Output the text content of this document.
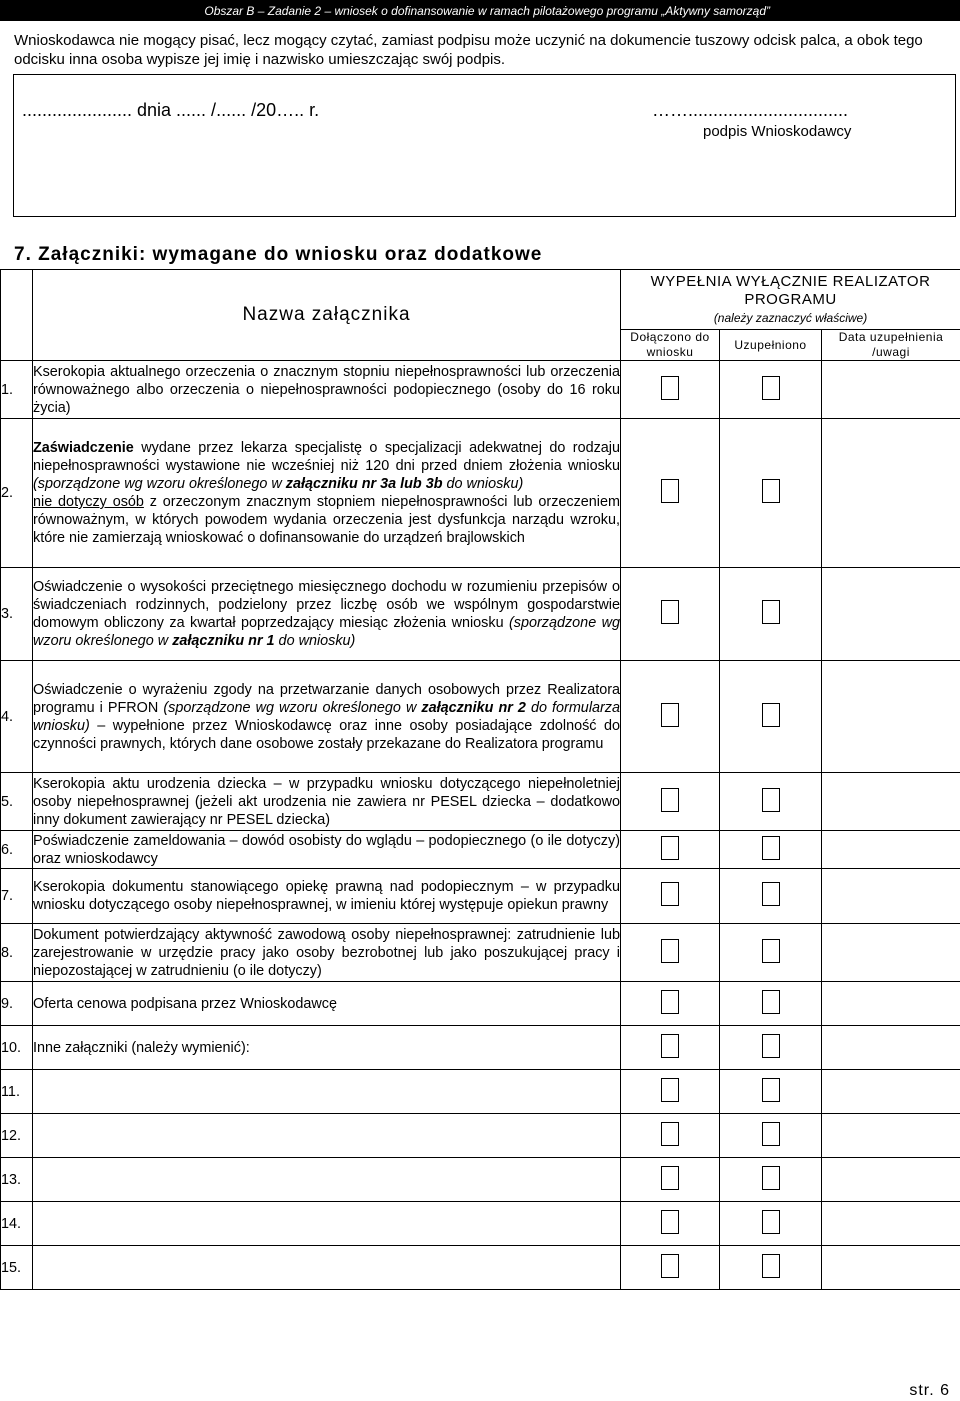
Obszar B – Zadanie 2 – wniosek o dofinansowanie w ramach pilotażowego programu „Aktywny samorząd”
Wnioskodawca nie mogący pisać, lecz mogący czytać, zamiast podpisu może uczynić na dokumencie tuszowy odcisk palca, a obok tego odcisku inna osoba wypisze jej imię i nazwisko umieszczając swój podpis.
...................... dnia ...... /...... /20….. r.	……................................
podpis Wnioskodawcy
7. Załączniki: wymagane do wniosku oraz dodatkowe
	Nazwa załącznika	WYPEŁNIA WYŁĄCZNIE REALIZATOR PROGRAMU
(należy zaznaczyć właściwe)		

		Dołączono do wniosku	Uzupełniono	Data uzupełnienia /uwagi
1.	Kserokopia aktualnego orzeczenia o znacznym stopniu niepełnosprawności lub orzeczenia równoważnego albo orzeczenia o niepełnosprawności podopiecznego (osoby do 16 roku życia)			
2.	Zaświadczenie wydane przez lekarza specjalistę o specjalizacji adekwatnej do rodzaju niepełnosprawności wystawione nie wcześniej niż 120 dni przed dniem złożenia wniosku (sporządzone wg wzoru określonego w załączniku nr 3a lub 3b do wniosku)
nie dotyczy osób z orzeczonym znacznym stopniem niepełnosprawności lub orzeczeniem równoważnym, w których powodem wydania orzeczenia jest dysfunkcja narządu wzroku, które nie zamierzają wnioskować o dofinansowanie do urządzeń brajlowskich			
3.	Oświadczenie o wysokości przeciętnego miesięcznego dochodu w rozumieniu przepisów o świadczeniach rodzinnych, podzielony przez liczbę osób we wspólnym gospodarstwie domowym obliczony za kwartał poprzedzający miesiąc złożenia wniosku (sporządzone wg wzoru określonego w załączniku nr 1 do wniosku)			
4.	Oświadczenie o wyrażeniu zgody na przetwarzanie danych osobowych przez Realizatora programu i PFRON (sporządzone wg wzoru określonego w załączniku nr 2 do formularza wniosku) – wypełnione przez Wnioskodawcę oraz inne osoby posiadające zdolność do czynności prawnych, których dane osobowe zostały przekazane do Realizatora programu			
5.	Kserokopia aktu urodzenia dziecka – w przypadku wniosku dotyczącego niepełnoletniej osoby niepełnosprawnej (jeżeli akt urodzenia nie zawiera nr PESEL dziecka – dodatkowo inny dokument zawierający nr PESEL dziecka)			
6.	Poświadczenie zameldowania – dowód osobisty do wglądu – podopiecznego (o ile dotyczy) oraz wnioskodawcy			
7.	Kserokopia dokumentu stanowiącego opiekę prawną nad podopiecznym – w przypadku wniosku dotyczącego osoby niepełnosprawnej, w imieniu której występuje opiekun prawny			
8.	Dokument potwierdzający aktywność zawodową osoby niepełnosprawnej: zatrudnienie lub zarejestrowanie w urzędzie pracy jako osoby bezrobotnej lub jako poszukującej pracy i niepozostającej w zatrudnieniu (o ile dotyczy)			
9.	Oferta cenowa podpisana przez Wnioskodawcę			
10.	Inne załączniki (należy wymienić):			
11.				
12.				
13.				
14.				
15.				
str. 6
